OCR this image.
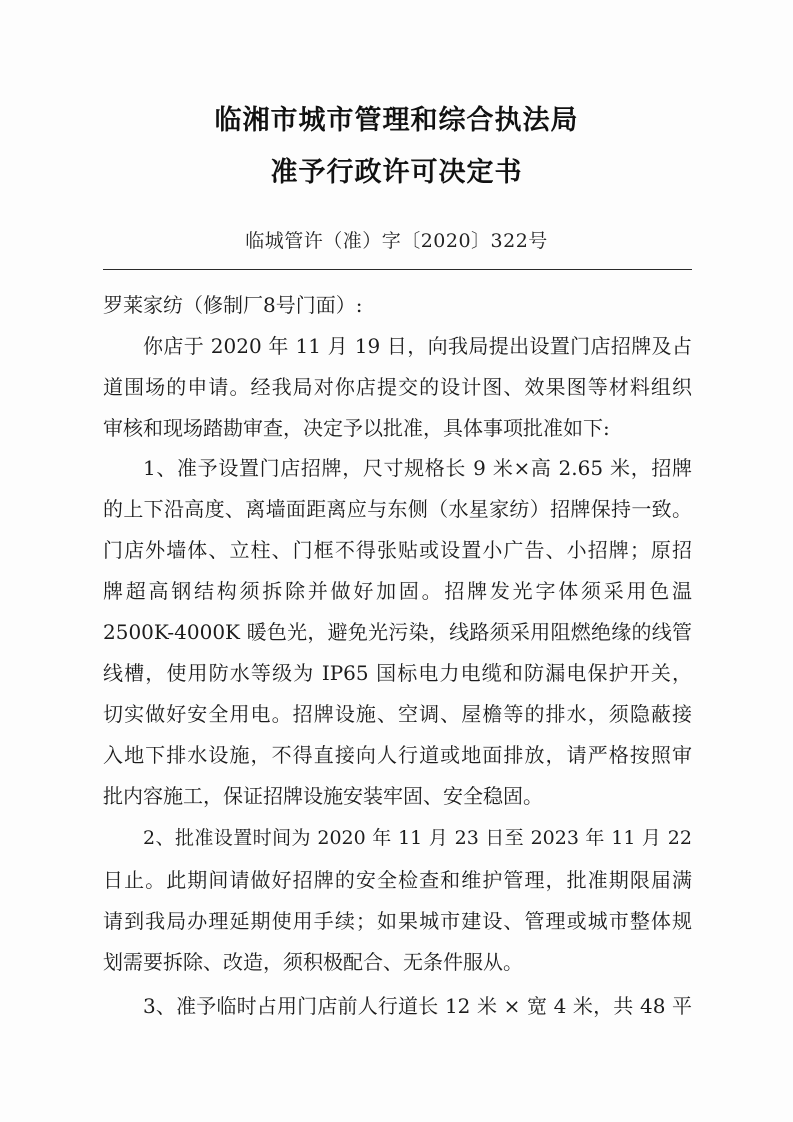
临湘市城市管理和综合执法局
准予行政许可决定书
临城管许（准）字〔2020〕322号
罗莱家纺（修制厂8号门面）:
你店于 2020 年 11 月 19 日，向我局提出设置门店招牌及占
道围场的申请。经我局对你店提交的设计图、效果图等材料组织
审核和现场踏勘审查，决定予以批准，具体事项批准如下:
1、准予设置门店招牌，尺寸规格长 9 米×高 2.65 米，招牌
的上下沿高度、离墙面距离应与东侧（水星家纺）招牌保持一致。
门店外墙体、立柱、门框不得张贴或设置小广告、小招牌；原招
牌超高钢结构须拆除并做好加固。招牌发光字体须采用色温
2500K-4000K 暖色光，避免光污染，线路须采用阻燃绝缘的线管
线槽，使用防水等级为 IP65 国标电力电缆和防漏电保护开关，
切实做好安全用电。招牌设施、空调、屋檐等的排水，须隐蔽接
入地下排水设施，不得直接向人行道或地面排放，请严格按照审
批内容施工，保证招牌设施安装牢固、安全稳固。
2、批准设置时间为 2020 年 11 月 23 日至 2023 年 11 月 22
日止。此期间请做好招牌的安全检查和维护管理，批准期限届满
请到我局办理延期使用手续；如果城市建设、管理或城市整体规
划需要拆除、改造，须积极配合、无条件服从。
3、准予临时占用门店前人行道长 12 米 × 宽 4 米，共 48 平
